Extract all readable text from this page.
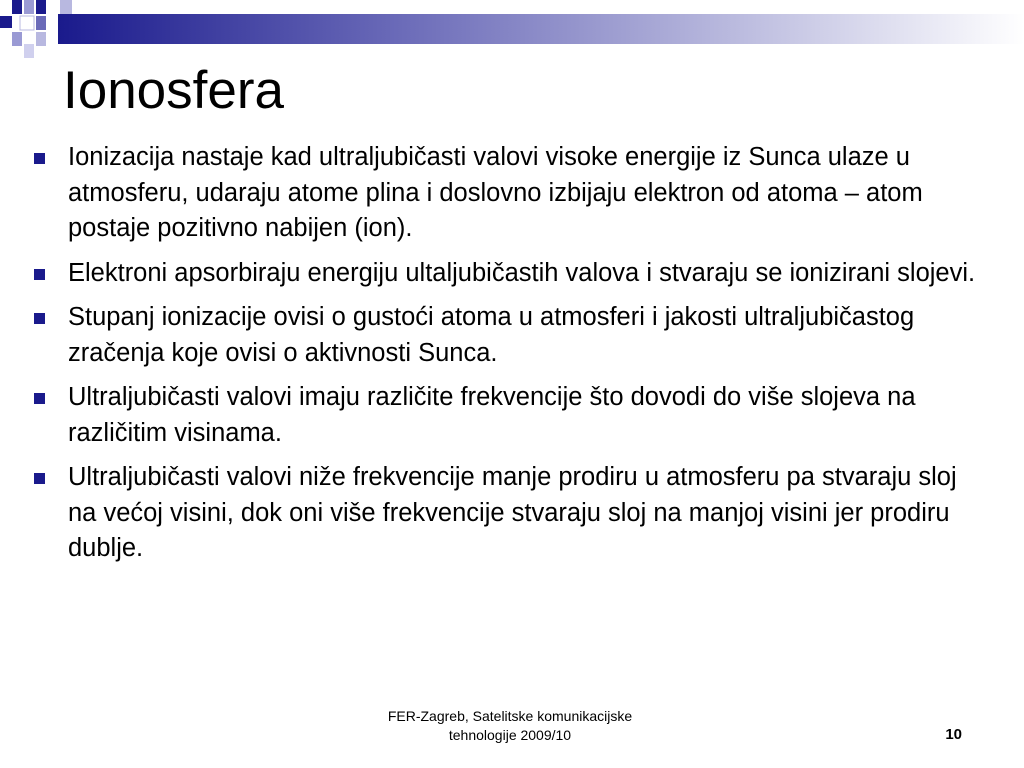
Ionosfera
Ionizacija nastaje kad ultraljubičasti valovi visoke energije iz Sunca ulaze u atmosferu, udaraju atome plina i doslovno izbijaju elektron od atoma – atom postaje pozitivno nabijen (ion).
Elektroni apsorbiraju energiju ultaljubičastih valova i stvaraju se ionizirani slojevi.
Stupanj ionizacije ovisi o gustoći atoma u atmosferi i jakosti ultraljubičastog zračenja koje ovisi o aktivnosti Sunca.
Ultraljubičasti valovi imaju različite frekvencije što dovodi do više slojeva na različitim visinama.
Ultraljubičasti valovi niže frekvencije manje prodiru u atmosferu pa stvaraju sloj na većoj visini, dok oni više frekvencije stvaraju sloj na manjoj visini jer prodiru dublje.
FER-Zagreb, Satelitske komunikacijske
tehnologije 2009/10	10
